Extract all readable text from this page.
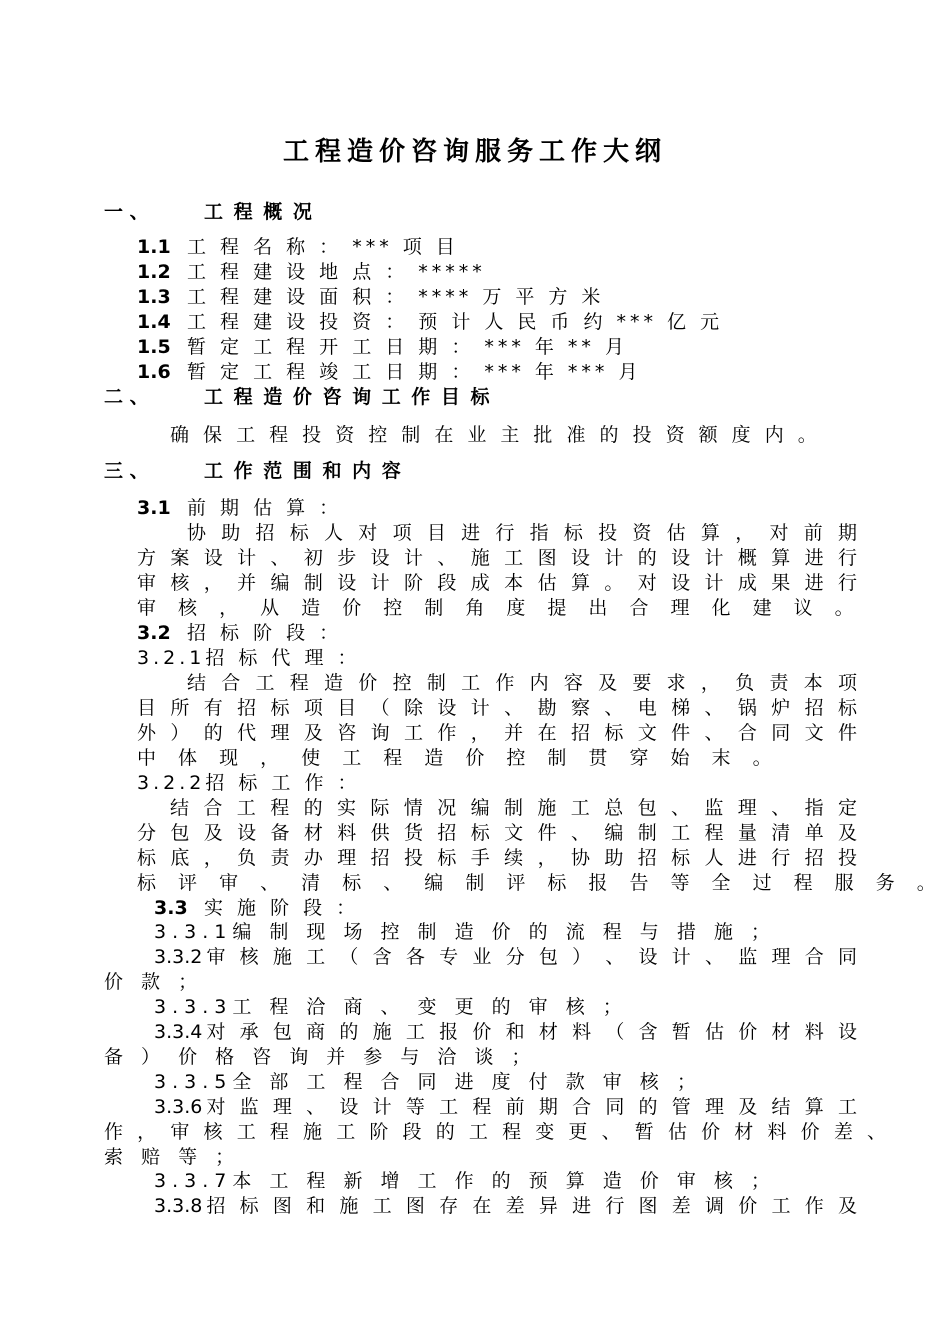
工程造价咨询服务工作大纲
一 、	工 程 概 况
1.1 工 程 名 称 ： *** 项 目
1.2 工 程 建 设 地 点 ： *****
1.3 工 程 建 设 面 积 ： **** 万 平 方 米
1.4 工 程 建 设 投 资 ： 预 计 人 民 币 约 *** 亿 元
1.5 暂 定 工 程 开 工 日 期 ： *** 年 ** 月
1.6 暂 定 工 程 竣 工 日 期 ： *** 年 *** 月
二 、	工 程 造 价 咨 询 工 作 目 标
确 保 工 程 投 资 控 制 在 业 主 批 准 的 投 资 额 度 内 。
三 、	工 作 范 围 和 内 容
3.1 前 期 估 算 ：
协 助 招 标 人 对 项 目 进 行 指 标 投 资 估 算 ， 对 前 期
方 案 设 计 、 初 步 设 计 、 施 工 图 设 计 的 设 计 概 算 进 行
审 核 ， 并 编 制 设 计 阶 段 成 本 估 算 。 对 设 计 成 果 进 行
审 核 ， 从 造 价 控 制 角 度 提 出 合 理 化 建 议 。
3.2 招 标 阶 段 ：
3.2.1招 标 代 理 ：
结 合 工 程 造 价 控 制 工 作 内 容 及 要 求 ， 负 责 本 项
目 所 有 招 标 项 目 （ 除 设 计 、 勘 察 、 电 梯 、 锅 炉 招 标
外 ） 的 代 理 及 咨 询 工 作 ， 并 在 招 标 文 件 、 合 同 文 件
中 体 现 ， 使 工 程 造 价 控 制 贯 穿 始 末 。
3.2.2招 标 工 作 ：
结 合 工 程 的 实 际 情 况 编 制 施 工 总 包 、 监 理 、 指 定
分 包 及 设 备 材 料 供 货 招 标 文 件 、 编 制 工 程 量 清 单 及
标 底 ， 负 责 办 理 招 投 标 手 续 ， 协 助 招 标 人 进 行 招 投
标 评 审 、 清 标 、 编 制 评 标 报 告 等 全 过 程 服 务 。
3.3 实 施 阶 段 ：
3.3.1编 制 现 场 控 制 造 价 的 流 程 与 措 施 ；
3.3.2审 核 施 工 （ 含 各 专 业 分 包 ） 、 设 计 、 监 理 合 同
价 款 ；
3.3.3工 程 洽 商 、 变 更 的 审 核 ；
3.3.4对 承 包 商 的 施 工 报 价 和 材 料 （ 含 暂 估 价 材 料 设
备 ） 价 格 咨 询 并 参 与 洽 谈 ；
3.3.5全 部 工 程 合 同 进 度 付 款 审 核 ；
3.3.6对 监 理 、 设 计 等 工 程 前 期 合 同 的 管 理 及 结 算 工
作 ， 审 核 工 程 施 工 阶 段 的 工 程 变 更 、 暂 估 价 材 料 价 差 、
索 赔 等 ；
3.3.7本 工 程 新 增 工 作 的 预 算 造 价 审 核 ；
3.3.8招 标 图 和 施 工 图 存 在 差 异 进 行 图 差 调 价 工 作 及
